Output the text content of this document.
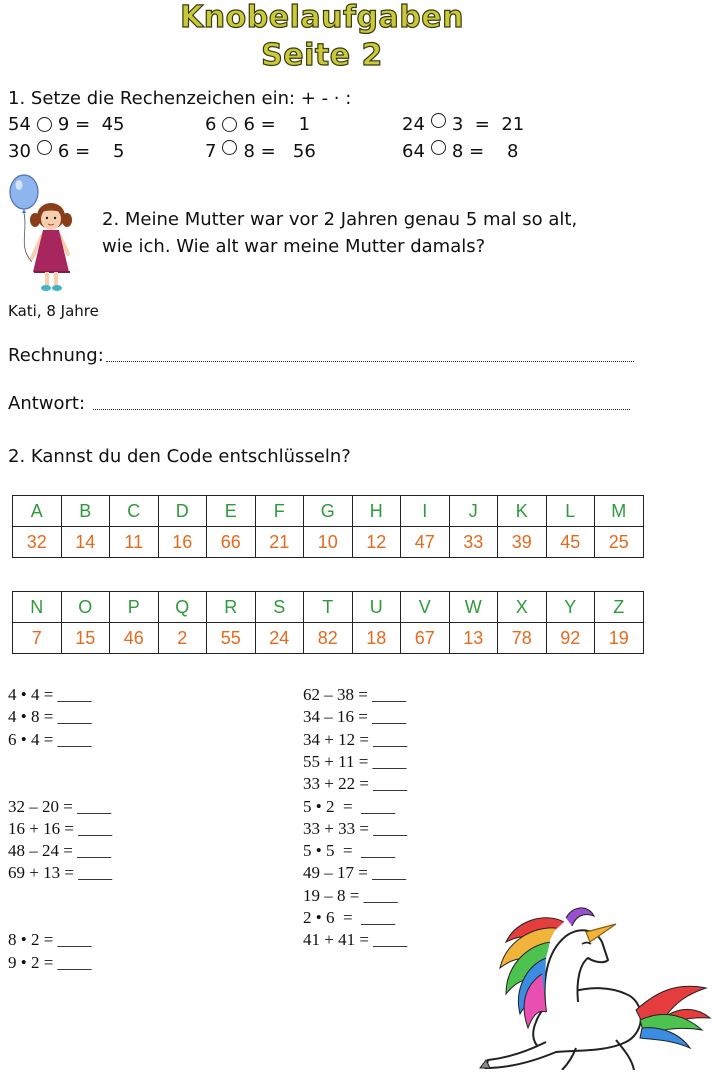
Knobelaufgaben
Seite 2
1. Setze die Rechenzeichen ein: + - · :
54 9 =  45	6 6 =    1	24 3  =  21
30 6 =    5	7 8 =   56	64 8 =    8
2. Meine Mutter war vor 2 Jahren genau 5 mal so alt,
wie ich. Wie alt war meine Mutter damals?
Kati, 8 Jahre
Rechnung:
Antwort:
2. Kannst du den Code entschlüsseln?
A	B	C	D	E	F	G	H	I	J	K	L	M
32	14	11	16	66	21	10	12	47	33	39	45	25
N	O	P	Q	R	S	T	U	V	W	X	Y	Z
7	15	46	2	55	24	82	18	67	13	78	92	19
4 • 4 = ____
4 • 8 = ____
6 • 4 = ____
32 – 20 = ____
16 + 16 = ____
48 – 24 = ____
69 + 13 = ____
8 • 2 = ____
9 • 2 = ____
62 – 38 = ____
34 – 16 = ____
34 + 12 = ____
55 + 11 = ____
33 + 22 = ____
5 • 2  =  ____
33 + 33 = ____
5 • 5  =  ____
49 – 17 = ____
19 – 8 = ____
2 • 6  =  ____
41 + 41 = ____
